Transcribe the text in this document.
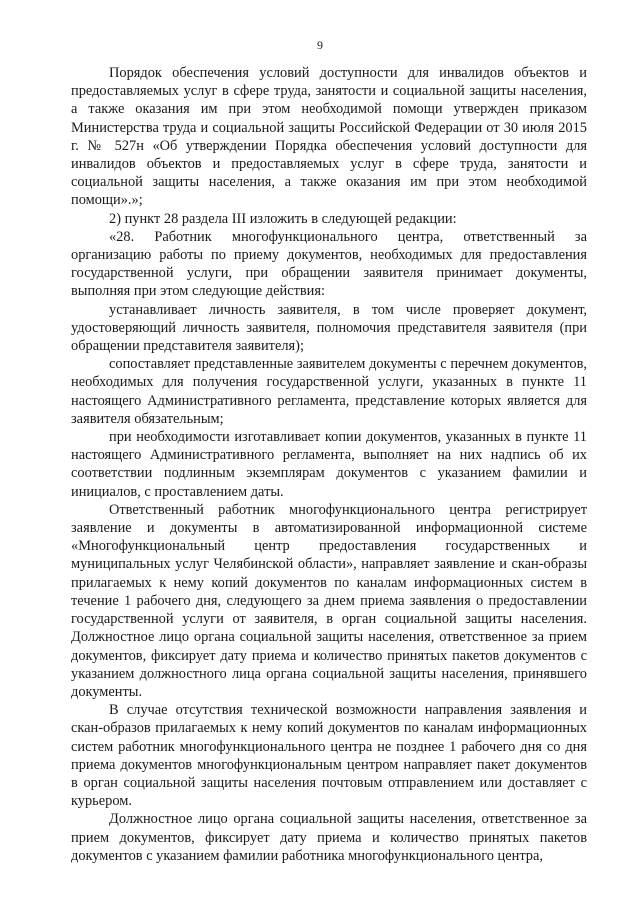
9

Порядок обеспечения условий доступности для инвалидов объектов и предоставляемых услуг в сфере труда, занятости и социальной защиты населения, а также оказания им при этом необходимой помощи утвержден приказом Министерства труда и социальной защиты Российской Федерации от 30 июля 2015 г. № 527н «Об утверждении Порядка обеспечения условий доступности для инвалидов объектов и предоставляемых услуг в сфере труда, занятости и социальной защиты населения, а также оказания им при этом необходимой помощи».»;

2) пункт 28 раздела III изложить в следующей редакции:

«28. Работник многофункционального центра, ответственный за организацию работы по приему документов, необходимых для предоставления государственной услуги, при обращении заявителя принимает документы, выполняя при этом следующие действия:

устанавливает личность заявителя, в том числе проверяет документ, удостоверяющий личность заявителя, полномочия представителя заявителя (при обращении представителя заявителя);

сопоставляет представленные заявителем документы с перечнем документов, необходимых для получения государственной услуги, указанных в пункте 11 настоящего Административного регламента, представление которых является для заявителя обязательным;

при необходимости изготавливает копии документов, указанных в пункте 11 настоящего Административного регламента, выполняет на них надпись об их соответствии подлинным экземплярам документов с указанием фамилии и инициалов, с проставлением даты.

Ответственный работник многофункционального центра регистрирует заявление и документы в автоматизированной информационной системе «Многофункциональный центр предоставления государственных и муниципальных услуг Челябинской области», направляет заявление и скан-образы прилагаемых к нему копий документов по каналам информационных систем в течение 1 рабочего дня, следующего за днем приема заявления о предоставлении государственной услуги от заявителя, в орган социальной защиты населения. Должностное лицо органа социальной защиты населения, ответственное за прием документов, фиксирует дату приема и количество принятых пакетов документов с указанием должностного лица органа социальной защиты населения, принявшего документы.

В случае отсутствия технической возможности направления заявления и скан-образов прилагаемых к нему копий документов по каналам информационных систем работник многофункционального центра не позднее 1 рабочего дня со дня приема документов многофункциональным центром направляет пакет документов в орган социальной защиты населения почтовым отправлением или доставляет с курьером.

Должностное лицо органа социальной защиты населения, ответственное за прием документов, фиксирует дату приема и количество принятых пакетов документов с указанием фамилии работника многофункционального центра,
